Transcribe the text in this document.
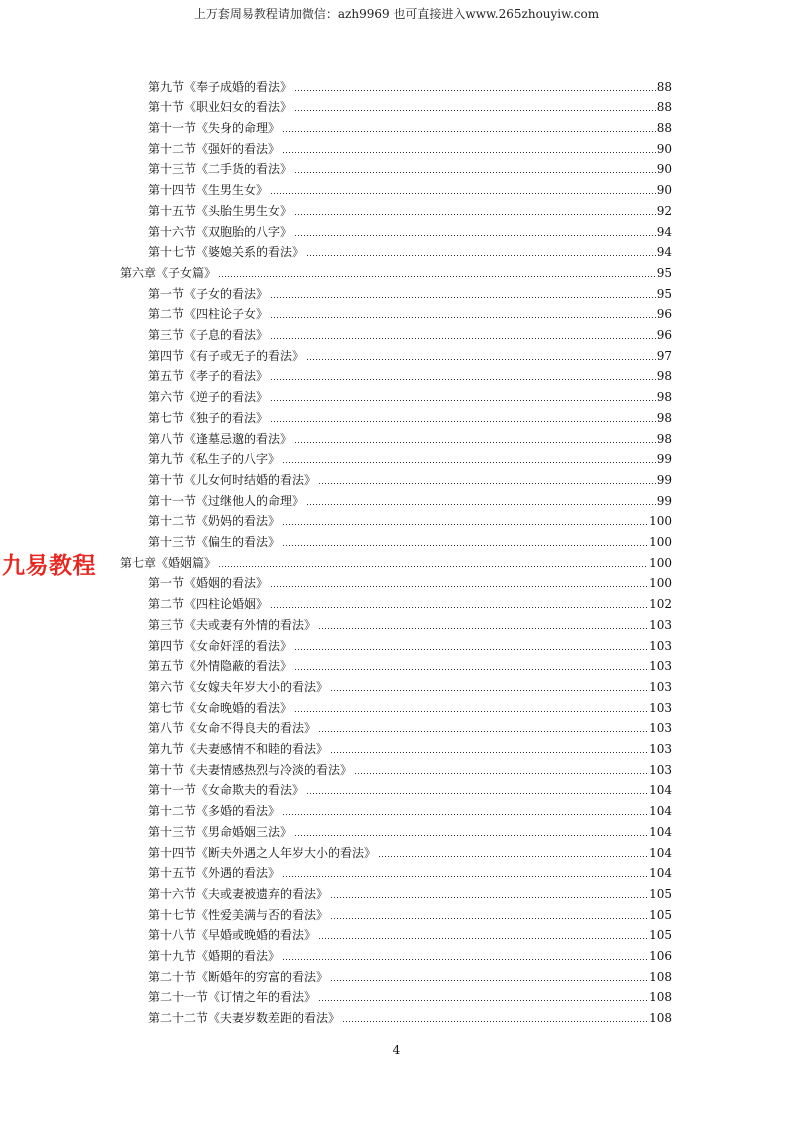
上万套周易教程请加微信：azh9969 也可直接进入www.265zhouyiw.com
九易教程
第九节《奉子成婚的看法》	88
第十节《职业妇女的看法》	88
第十一节《失身的命理》	88
第十二节《强奸的看法》	90
第十三节《二手货的看法》	90
第十四节《生男生女》	90
第十五节《头胎生男生女》	92
第十六节《双胞胎的八字》	94
第十七节《婆媳关系的看法》	94
第六章《子女篇》	95
第一节《子女的看法》	95
第二节《四柱论子女》	96
第三节《子息的看法》	96
第四节《有子或无子的看法》	97
第五节《孝子的看法》	98
第六节《逆子的看法》	98
第七节《独子的看法》	98
第八节《逢墓忌邈的看法》	98
第九节《私生子的八字》	99
第十节《儿女何时结婚的看法》	99
第十一节《过继他人的命理》	99
第十二节《奶妈的看法》	100
第十三节《偏生的看法》	100
第七章《婚姻篇》	100
第一节《婚姻的看法》	100
第二节《四柱论婚姻》	102
第三节《夫或妻有外情的看法》	103
第四节《女命奸淫的看法》	103
第五节《外情隐蔽的看法》	103
第六节《女嫁夫年岁大小的看法》	103
第七节《女命晚婚的看法》	103
第八节《女命不得良夫的看法》	103
第九节《夫妻感情不和睦的看法》	103
第十节《夫妻情感热烈与冷淡的看法》	103
第十一节《女命欺夫的看法》	104
第十二节《多婚的看法》	104
第十三节《男命婚姻三法》	104
第十四节《断夫外遇之人年岁大小的看法》	104
第十五节《外遇的看法》	104
第十六节《夫或妻被遗弃的看法》	105
第十七节《性爱美满与否的看法》	105
第十八节《早婚或晚婚的看法》	105
第十九节《婚期的看法》	106
第二十节《断婚年的穷富的看法》	108
第二十一节《订情之年的看法》	108
第二十二节《夫妻岁数差距的看法》	108
4
